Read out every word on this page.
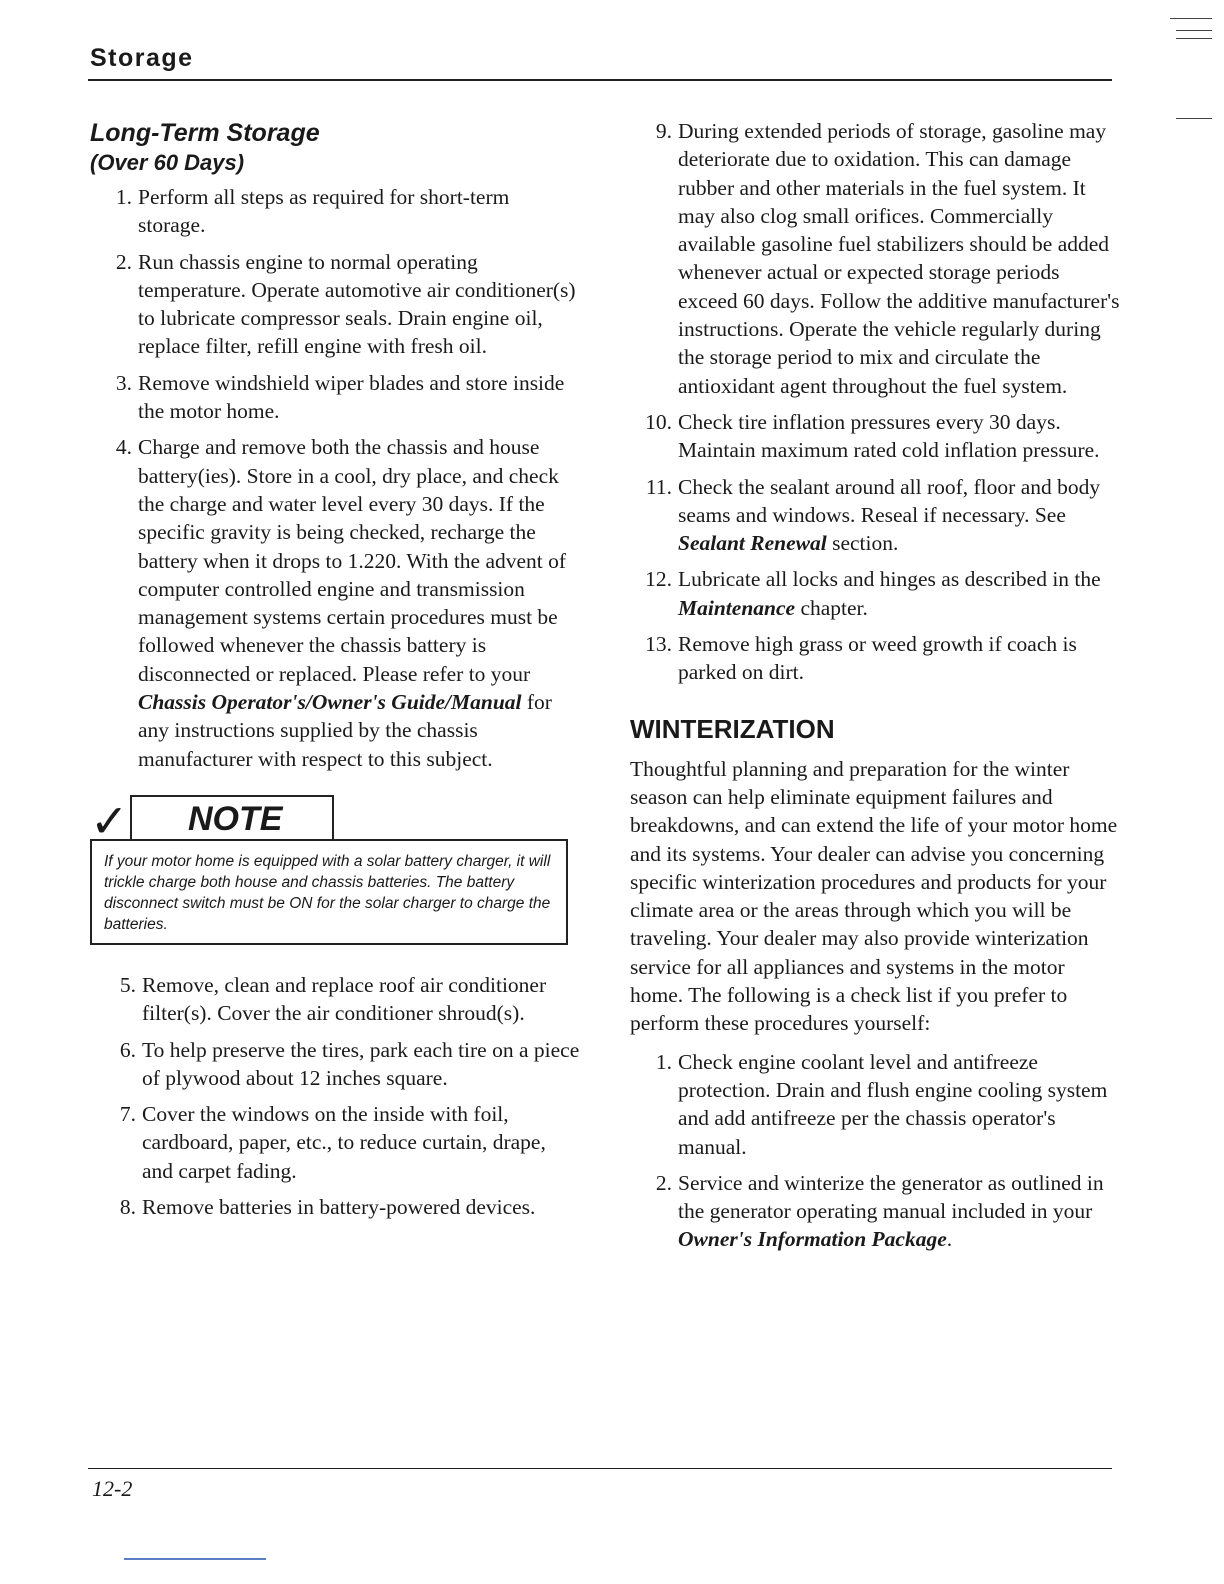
Storage
Long-Term Storage
(Over 60 Days)
1. Perform all steps as required for short-term storage.
2. Run chassis engine to normal operating temperature. Operate automotive air conditioner(s) to lubricate compressor seals. Drain engine oil, replace filter, refill engine with fresh oil.
3. Remove windshield wiper blades and store inside the motor home.
4. Charge and remove both the chassis and house battery(ies). Store in a cool, dry place, and check the charge and water level every 30 days. If the specific gravity is being checked, recharge the battery when it drops to 1.220. With the advent of computer controlled engine and transmission management systems certain procedures must be followed whenever the chassis battery is disconnected or replaced. Please refer to your Chassis Operator's/Owner's Guide/Manual for any instructions supplied by the chassis manufacturer with respect to this subject.
✓ NOTE
If your motor home is equipped with a solar battery charger, it will trickle charge both house and chassis batteries. The battery disconnect switch must be ON for the solar charger to charge the batteries.
5. Remove, clean and replace roof air conditioner filter(s). Cover the air conditioner shroud(s).
6. To help preserve the tires, park each tire on a piece of plywood about 12 inches square.
7. Cover the windows on the inside with foil, cardboard, paper, etc., to reduce curtain, drape, and carpet fading.
8. Remove batteries in battery-powered devices.
9. During extended periods of storage, gasoline may deteriorate due to oxidation. This can damage rubber and other materials in the fuel system. It may also clog small orifices. Commercially available gasoline fuel stabilizers should be added whenever actual or expected storage periods exceed 60 days. Follow the additive manufacturer's instructions. Operate the vehicle regularly during the storage period to mix and circulate the antioxidant agent throughout the fuel system.
10. Check tire inflation pressures every 30 days. Maintain maximum rated cold inflation pressure.
11. Check the sealant around all roof, floor and body seams and windows. Reseal if necessary. See Sealant Renewal section.
12. Lubricate all locks and hinges as described in the Maintenance chapter.
13. Remove high grass or weed growth if coach is parked on dirt.
WINTERIZATION

Thoughtful planning and preparation for the winter season can help eliminate equipment failures and breakdowns, and can extend the life of your motor home and its systems. Your dealer can advise you concerning specific winterization procedures and products for your climate area or the areas through which you will be traveling. Your dealer may also provide winterization service for all appliances and systems in the motor home. The following is a check list if you prefer to perform these procedures yourself:

1. Check engine coolant level and antifreeze protection. Drain and flush engine cooling system and add antifreeze per the chassis operator's manual.
2. Service and winterize the generator as outlined in the generator operating manual included in your Owner's Information Package.
12-2
